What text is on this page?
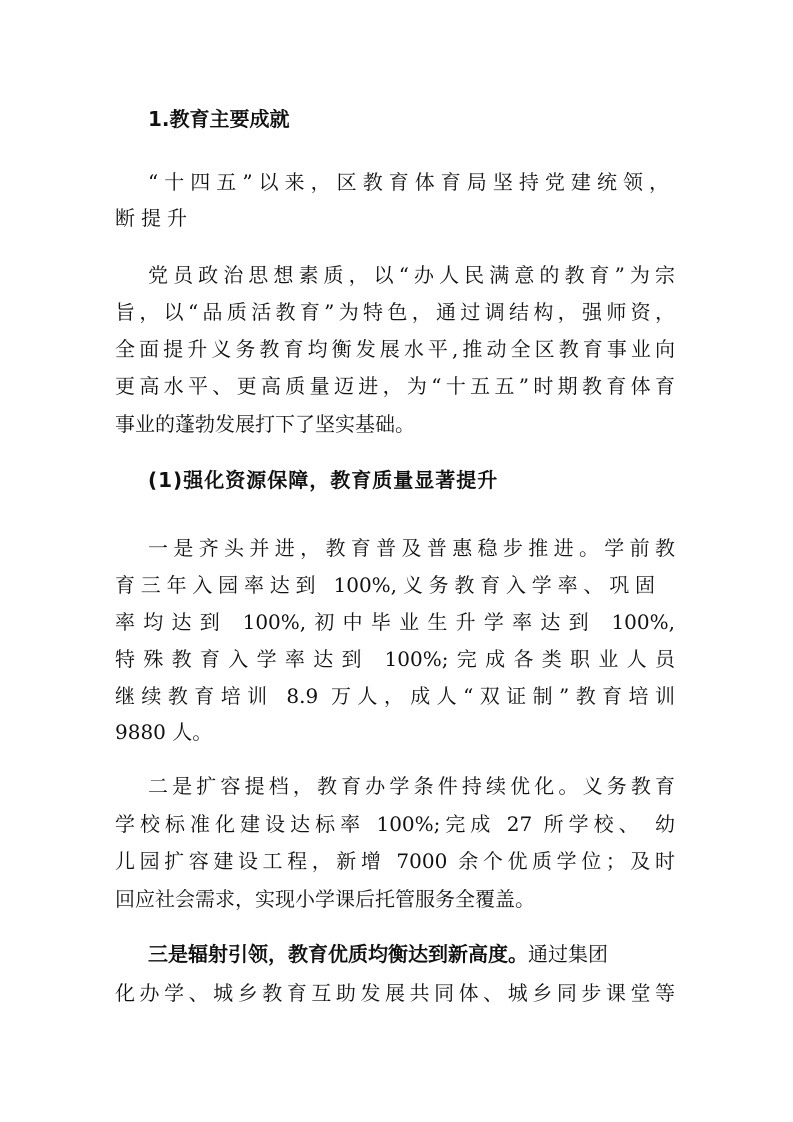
1.教育主要成就
“十四五”以来，区教育体育局坚持党建统领，
断提升
党员政治思想素质，以“办人民满意的教育”为宗
旨，以“品质活教育”为特色，通过调结构，强师资，
全面提升义务教育均衡发展水平,推动全区教育事业向
更高水平、更高质量迈进，为“十五五”时期教育体育
事业的蓬勃发展打下了坚实基础。
(1)强化资源保障，教育质量显著提升
一是齐头并进，教育普及普惠稳步推进。学前教
育三年入园率达到 100%,义务教育入学率、巩固
率均达到 100%,初中毕业生升学率达到 100%,
特殊教育入学率达到 100%;完成各类职业人员
继续教育培训 8.9 万人，成人“双证制”教育培训
9880 人。
二是扩容提档，教育办学条件持续优化。义务教育
学校标准化建设达标率 100%;完成 27 所学校、 幼
儿园扩容建设工程，新增 7000 余个优质学位；及时
回应社会需求，实现小学课后托管服务全覆盖。
三是辐射引领，教育优质均衡达到新高度。通过集团
化办学、城乡教育互助发展共同体、城乡同步课堂等
